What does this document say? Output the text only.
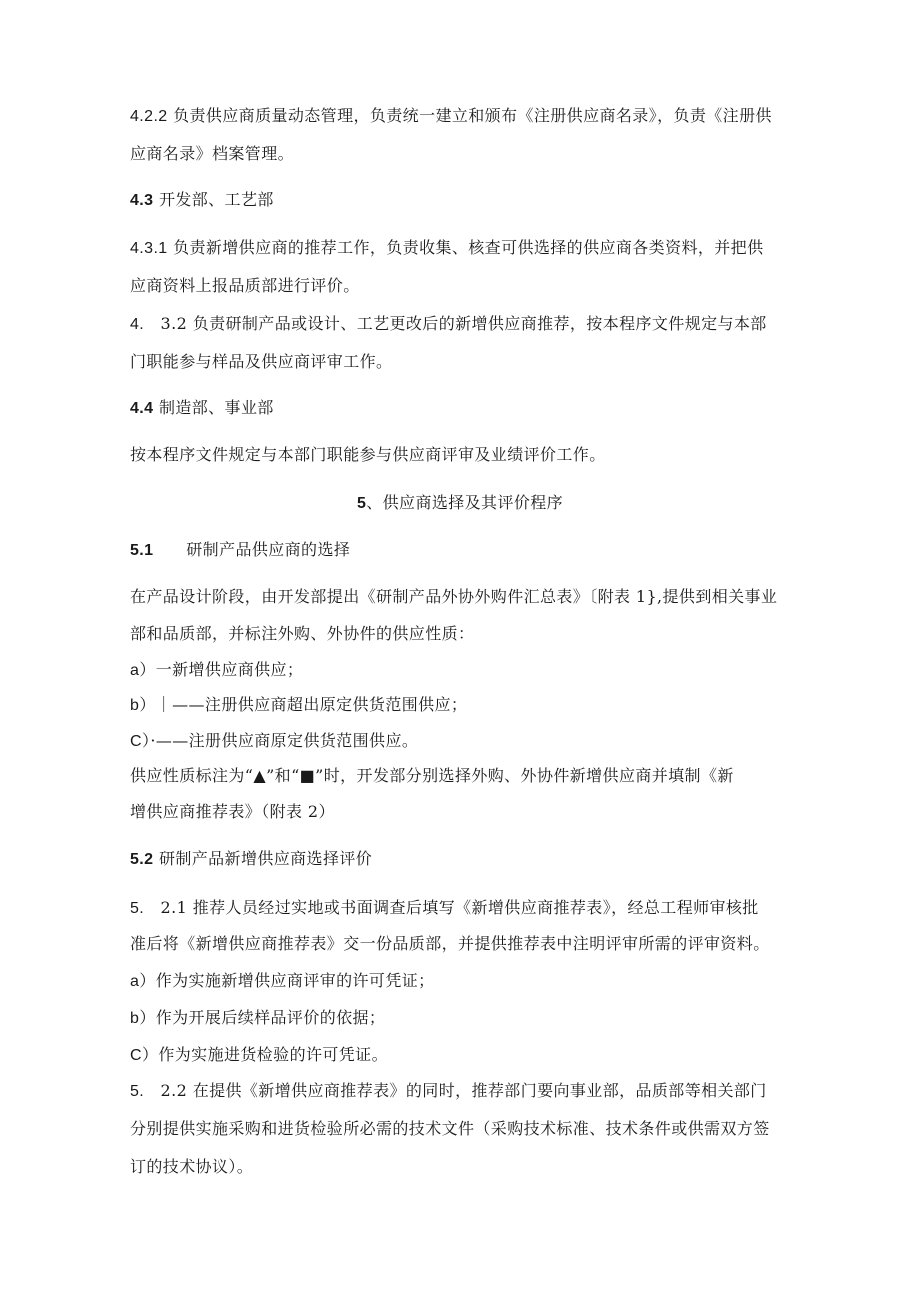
4.2.2 负责供应商质量动态管理，负责统一建立和颁布《注册供应商名录》，负责《注册供
应商名录》档案管理。
4.3 开发部、工艺部
4.3.1 负责新增供应商的推荐工作，负责收集、核查可供选择的供应商各类资料，并把供
应商资料上报品质部进行评价。
4.　3.2 负责研制产品或设计、工艺更改后的新增供应商推荐，按本程序文件规定与本部
门职能参与样品及供应商评审工作。
4.4 制造部、事业部
按本程序文件规定与本部门职能参与供应商评审及业绩评价工作。
5、供应商选择及其评价程序
5.1　　研制产品供应商的选择
在产品设计阶段，由开发部提出《研制产品外协外购件汇总表》〔附表 1},提供到相关事业
部和品质部，并标注外购、外协件的供应性质：
a）一新增供应商供应；
b）｜——注册供应商超出原定供货范围供应；
C）·——注册供应商原定供货范围供应。
供应性质标注为“▲”和“■”时，开发部分别选择外购、外协件新增供应商并填制《新
增供应商推荐表》（附表 2）
5.2 研制产品新增供应商选择评价
5.　2.1 推荐人员经过实地或书面调查后填写《新增供应商推荐表》，经总工程师审核批
准后将《新增供应商推荐表》交一份品质部，并提供推荐表中注明评审所需的评审资料。
a）作为实施新增供应商评审的许可凭证；
b）作为开展后续样品评价的依据；
C）作为实施进货检验的许可凭证。
5.　2.2 在提供《新增供应商推荐表》的同时，推荐部门要向事业部，品质部等相关部门
分别提供实施采购和进货检验所必需的技术文件（采购技术标准、技术条件或供需双方签
订的技术协议）。
